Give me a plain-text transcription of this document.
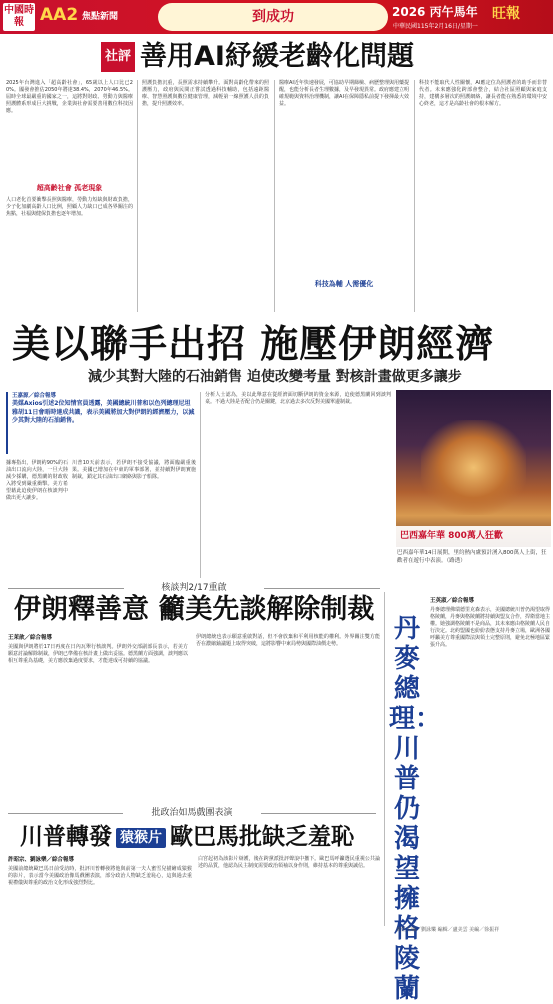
中國時報 AA2 焦點新聞	到成功	2026 丙午馬年 旺報
中華民國115年2月16日/星期一
社評 善用AI紓緩老齡化問題

2025年台灣進入「超高齡社會」，65歲以上人口比已20%。國發會推估2050年將達38.4%，2070年46.5%。屆時全球最嚴重的國家之一，這將對財政、勞動力與醫療照護體系形成巨大挑戰，企業與社會需要善用數位科技因應。

超高齡社會 孤老現象

人口老化首要衝擊長照與醫療，勞動力短缺與財政負擔，少子化加劇高齡人口比例，照顧人力缺口已成各界關注的焦點，社福與健保負擔也逐年增加。

照護負擔沉重，長照需求持續攀升。面對高齡化帶來的照護壓力，政府與民間正嘗試透過科技輔助，包括遠距醫療、智慧照護與數位健康管理，減輕第一線照護人員的負擔，提升照護效率。

醫療AI近年快速發展，可協助早期篩檢、病歷整理與用藥提醒，也能分析長者生理數據，及早發現異常。政府應建立明確規範與資料治理機制，讓AI在保障隱私前提下發揮最大效益。

科技為輔 人需優化

科技不能取代人性關懷，AI應定位為照護者的助手而非替代者。未來應強化跨部會整合，結合社區照顧與家庭支持，建構多層次的照護網絡，讓長者能在熟悉的環境中安心終老，這才是高齡社會的根本解方。

美以聯手出招 施壓伊朗經濟
減少其對大陸的石油銷售 迫使改變考量 對核計畫做更多讓步
王嘉源／綜合報導

美媒Axios引述2位知情官員透露，美國總統川普和以色列總理尼坦雅胡11日會晤時達成共識，表示美國將加大對伊朗的經濟壓力，以減少其對大陸的石油銷售。

據專指出，伊朗約90%的石油出口流向大陸，一旦大陸減少採購，德黑蘭的財政收入將受到嚴重衝擊。美方希望藉此迫使伊朗在核談判中做出更大讓步。

川普10天前表示，若伊朗不接受協議，將面臨嚴重後果。美國已增加在中東的軍事部署，並持續對伊朗實施制裁，鎖定其石油出口網絡與影子船隊。

分析人士認為，美以此舉意在從經濟面切斷伊朗的資金來源，迫使德黑蘭回到談判桌。不過大陸是否配合仍是關鍵，北京過去多次反對美國單邊制裁。

巴西嘉年華 800萬人狂歡
巴西嘉年華14日展開，里約熱內盧預計湧入800萬人上街，狂歡者在遊行中表演。（路透）
核談判2/17重啟
伊朗釋善意 籲美先談解除制裁
王茉歆／綜合報導

美國與伊朗將於17日再度在日內瓦舉行核談判。伊朗外交部副部長表示，若美方願意討論解除制裁，伊朗已準備在核計畫上做出妥協。德黑蘭方面強調，談判應以相互尊重為基礎，美方應放棄過度要求，才能達成可持續的協議。

伊朗總統也表示願意重啟對話，但不會放棄和平利用核能的權利。外界關注雙方能否在濃縮鈾議題上取得突破，這將影響中東局勢與國際油價走勢。	丹麥總理：川普仍渴望擁格陵蘭
王英淑／綜合報導

丹麥總理佛瑞德里克森表示，美國總統川普仍渴望取得格陵蘭，丹麥與格陵蘭將持續與盟友合作，捍衛當地主權。她強調格陵蘭不是商品，其未來應由格陵蘭人民自行決定。北約盟國也紛紛表態支持丹麥立場，歐洲各國呼籲美方尊重國際法與領土完整原則，避免北極地區緊張升高。

責任主編／劉詠樂 編輯／盧美雲 美編／徐振祥
批政治如馬戲團表演
川普轉發 猿猴片 歐巴馬批缺乏羞恥
許昭宗、劉詠樂／綜合報導

美國前總統歐巴馬日前受訪時，批評川普轉發將他與前第一夫人蜜雪兒描繪成猿猴的影片，表示當今美國政治像馬戲團表演，部分政治人物缺乏羞恥心，這與過去重視禮儀與尊重的政治文化形成強烈對比。

白宮起初為該影片辯護，後在跨黨派批評聲浪中撤下。歐巴馬呼籲選民重視公共論述的品質，他認為民主制度需要政治領袖以身作則，維持基本的尊重與誠信。
